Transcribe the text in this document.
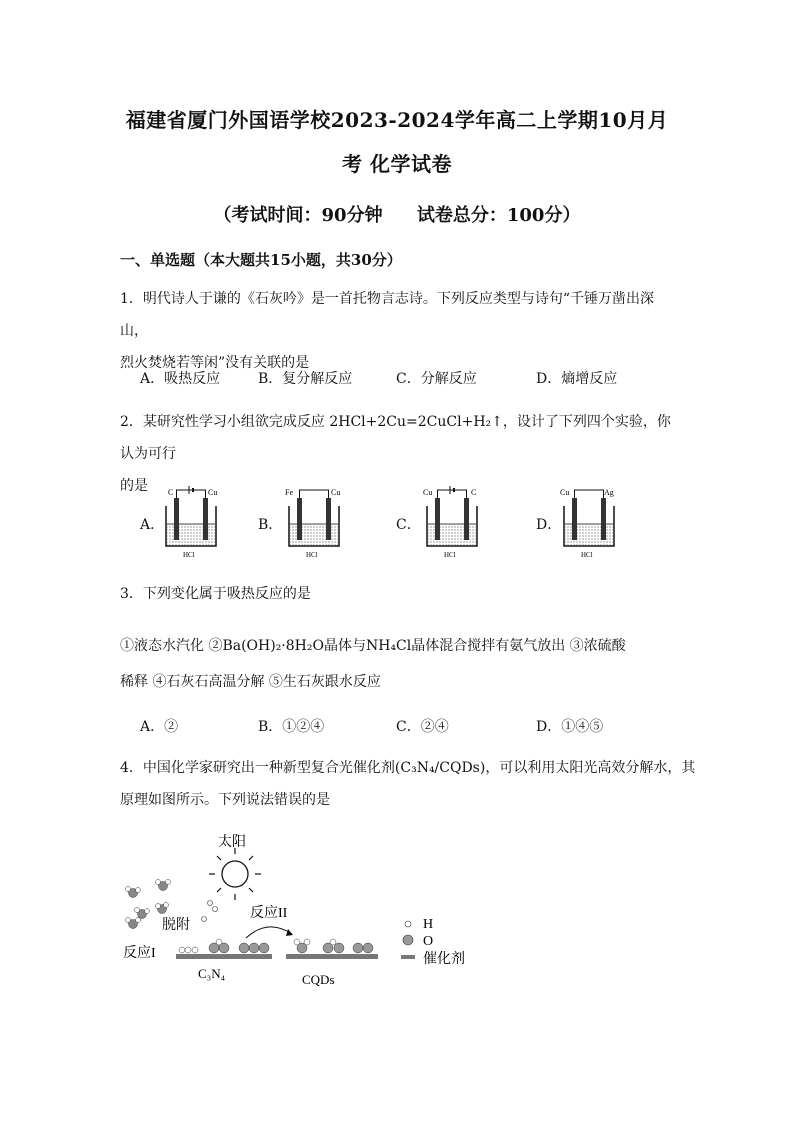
福建省厦门外国语学校2023-2024学年高二上学期10月月
考 化学试卷
（考试时间：90分钟 试卷总分：100分）
一、单选题（本大题共15小题，共30分）
1．明代诗人于谦的《石灰吟》是一首托物言志诗。下列反应类型与诗句“千锤万凿出深山，
烈火焚烧若等闲”没有关联的是
A．吸热反应	B．复分解反应	C．分解反应	D．熵增反应
2．某研究性学习小组欲完成反应 2HCl+2Cu=2CuCl+H₂↑，设计了下列四个实验，你认为可行
的是
A．	B．	C．	D．
C	Cu
HCl
Fe	Cu
HCl
Cu	C
HCl
Cu	Ag
HCl
3．下列变化属于吸热反应的是
①液态水汽化 ②Ba(OH)₂·8H₂O晶体与NH₄Cl晶体混合搅拌有氨气放出 ③浓硫酸
稀释 ④石灰石高温分解 ⑤生石灰跟水反应
A．②	B．①②④	C．②④	D．①④⑤
4．中国化学家研究出一种新型复合光催化剂(C₃N₄/CQDs)，可以利用太阳光高效分解水，其
原理如图所示。下列说法错误的是
太阳
脱附
反应I
反应II
C₃N₄	CQDs
H
O
催化剂
